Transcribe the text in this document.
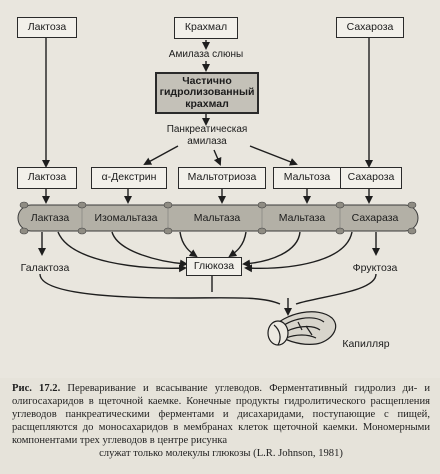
Лактоза	Крахмал	Сахароза
Амилаза слюны
Частично
гидролизованный
крахмал
Панкреатическая
амилаза
Лактоза	α-Декстрин	Мальтотриоза	Мальтоза Сахароза
Лактаза	Изомальтаза	Мальтаза	Мальтаза	Сахараза
Галактоза	Глюкоза	Фруктоза
Капилляр
Рис. 17.2. Переваривание и всасывание углеводов. Ферментативный гидролиз ди- и олигосахаридов в щеточной каемке. Конечные продукты гидролитического расщепления углеводов панкреатическими ферментами и дисахаридами, поступающие с пищей, расщепляются до моносахаридов в мембранах клеток щеточной каемки. Мономерными компонентами трех углеводов в центре рисунка
служат только молекулы глюкозы (L.R. Johnson, 1981)
